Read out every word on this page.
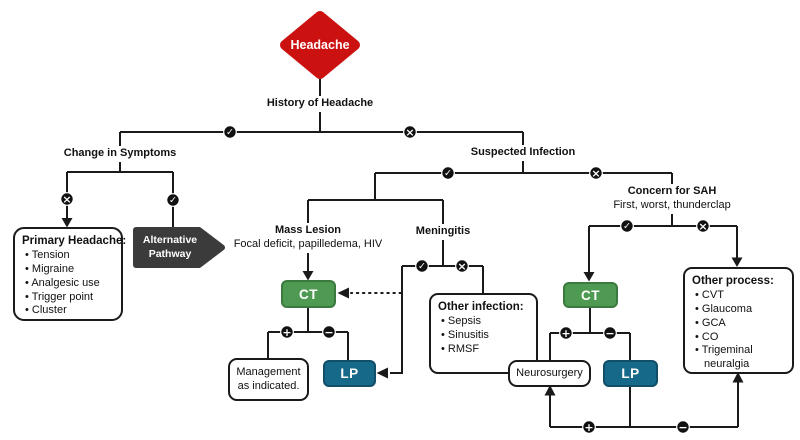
✓	×
×	✓
✓	×
✓	×
✓	×
+	−	+	−
+	−
Headache
Alternative Pathway
History of Headache
Change in Symptoms	Suspected Infection
Mass Lesion
Focal deficit, papilledema, HIV
Meningitis
Concern for SAH
First, worst, thunderclap
Primary Headache:
• Tension
• Migraine
• Analgesic use
• Trigger point
• Cluster
Management as indicated.
Other infection:
• Sepsis
• Sinusitis
• RMSF
Other process:
• CVT
• Glaucoma
• GCA
• CO
• Trigeminal neuralgia
Neurosurgery
CT
LP
CT
LP
